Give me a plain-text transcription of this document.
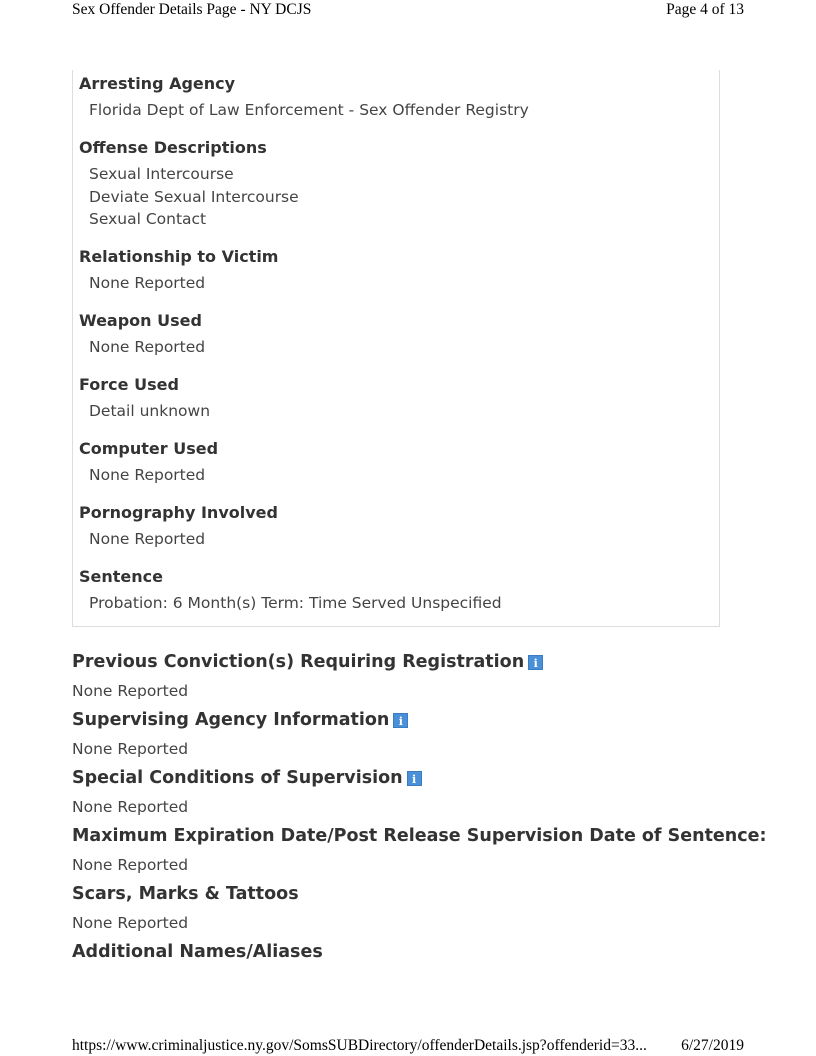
Sex Offender Details Page - NY DCJS	Page 4 of 13
Arresting Agency
Florida Dept of Law Enforcement - Sex Offender Registry
Offense Descriptions
Sexual Intercourse
Deviate Sexual Intercourse
Sexual Contact
Relationship to Victim
None Reported
Weapon Used
None Reported
Force Used
Detail unknown
Computer Used
None Reported
Pornography Involved
None Reported
Sentence
Probation: 6 Month(s) Term: Time Served Unspecified
Previous Conviction(s) Requiring Registration i
None Reported
Supervising Agency Information i
None Reported
Special Conditions of Supervision i
None Reported
Maximum Expiration Date/Post Release Supervision Date of Sentence:
None Reported
Scars, Marks & Tattoos
None Reported
Additional Names/Aliases
https://www.criminaljustice.ny.gov/SomsSUBDirectory/offenderDetails.jsp?offenderid=33... 6/27/2019
